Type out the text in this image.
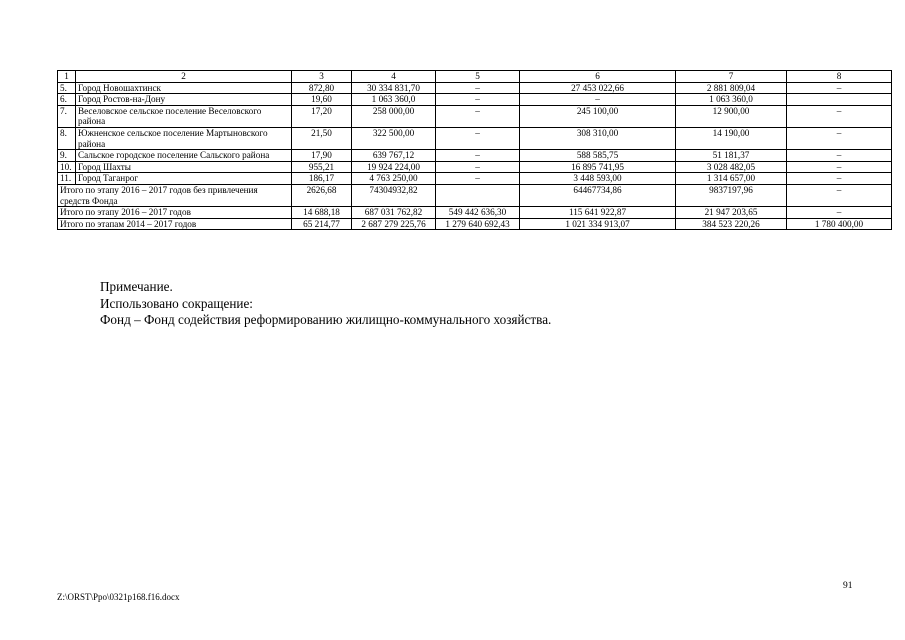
1	2	3	4	5	6	7	8
5.	Город Новошахтинск	872,80	30 334 831,70	–	27 453 022,66	2 881 809,04	–
6.	Город Ростов-на-Дону	19,60	1 063 360,0	–	–	1 063 360,0	
7.	Веселовское сельское поселение Веселовского района	17,20	258 000,00	–	245 100,00	12 900,00	–
8.	Южненское сельское поселение Мартыновского района	21,50	322 500,00	–	308 310,00	14 190,00	–
9.	Сальское городское поселение Сальского района	17,90	639 767,12	–	588 585,75	51 181,37	–
10.	Город Шахты	955,21	19 924 224,00	–	16 895 741,95	3 028 482,05	–
11.	Город Таганрог	186,17	4 763 250,00	–	3 448 593,00	1 314 657,00	–
Итого по этапу 2016 – 2017 годов без привлечения средств Фонда		2626,68	74304932,82		64467734,86	9837197,96	–
Итого по этапу 2016 – 2017 годов		14 688,18	687 031 762,82	549 442 636,30	115 641 922,87	21 947 203,65	–
Итого по этапам 2014 – 2017 годов		65 214,77	2 687 279 225,76	1 279 640 692,43	1 021 334 913,07	384 523 220,26	1 780 400,00
Примечание.
Использовано сокращение:
Фонд – Фонд содействия реформированию жилищно-коммунального хозяйства.
91
Z:\ORST\Ppo\0321p168.f16.docx
